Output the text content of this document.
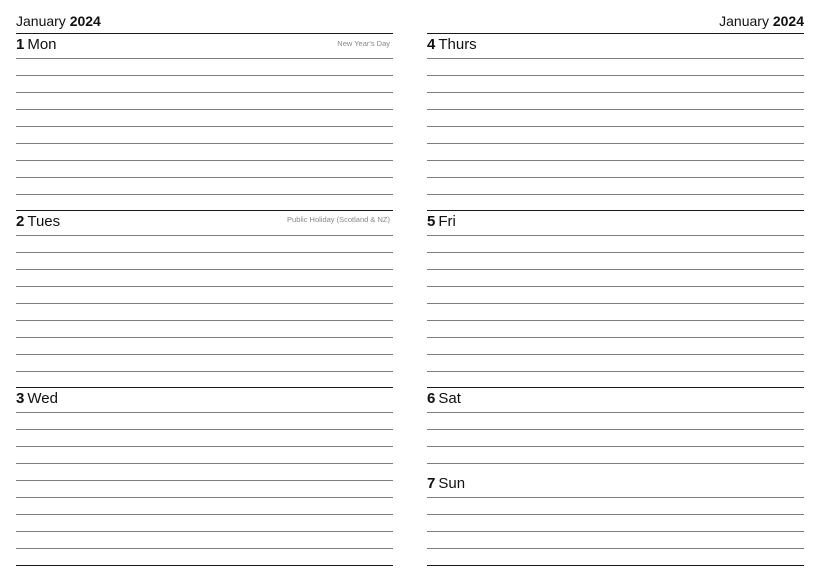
January 2024
1 Mon	New Year's Day
2 Tues	Public Holiday (Scotland & NZ)
3 Wed
January 2024
4 Thurs
5 Fri
6 Sat
7 Sun
